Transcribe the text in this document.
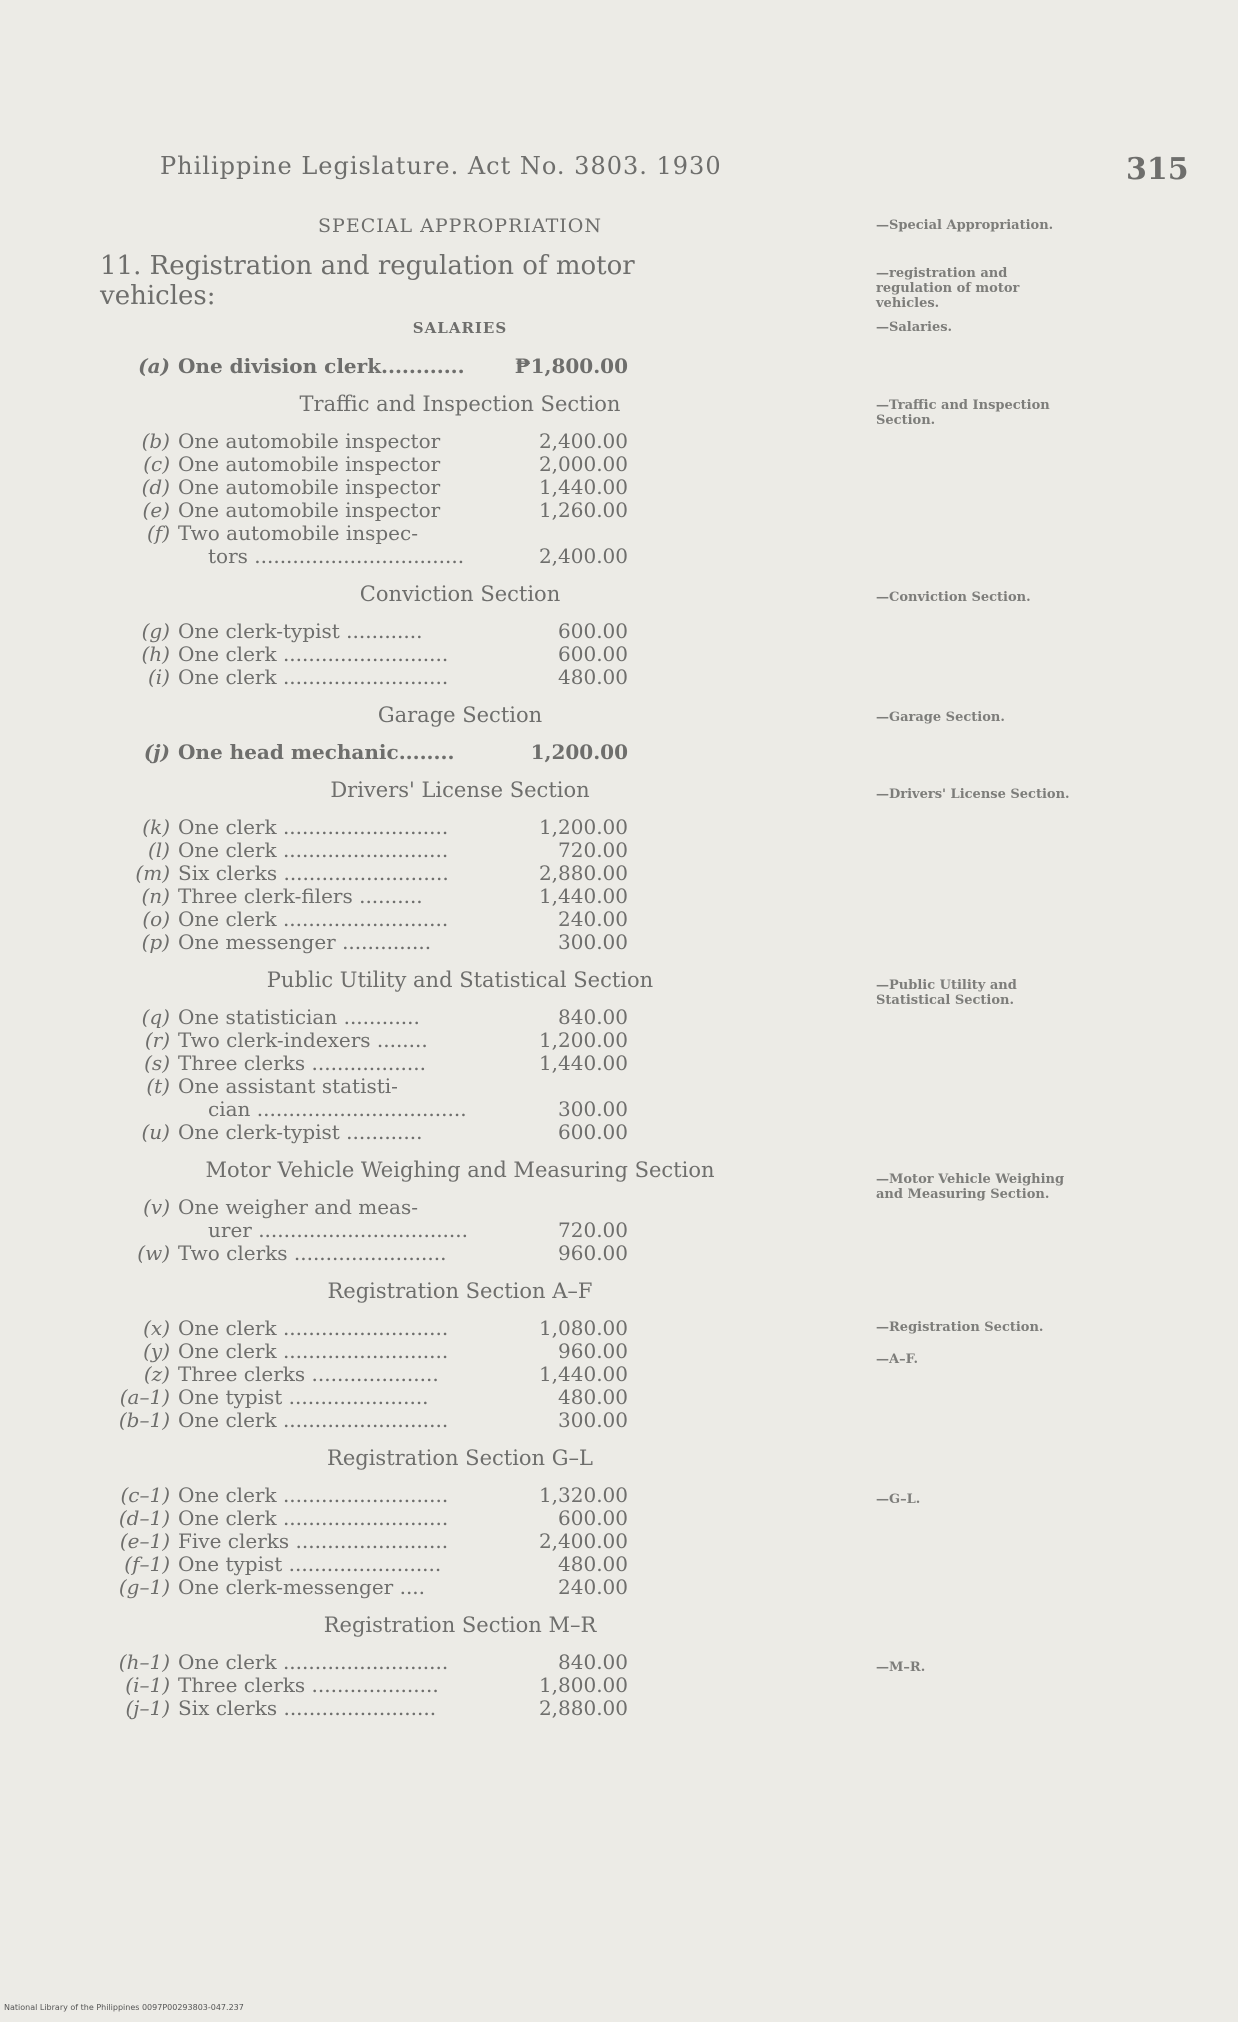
Philippine Legislature. Act No. 3803. 1930	315
SPECIAL APPROPRIATION
11. Registration and regulation of motor vehicles:
SALARIES
(a) One division clerk............	₱1,800.00
Traffic and Inspection Section
(b) One automobile inspector	2,400.00
(c) One automobile inspector	2,000.00
(d) One automobile inspector	1,440.00
(e) One automobile inspector	1,260.00
(f) Two automobile inspec-
tors .................................	2,400.00
Conviction Section
(g) One clerk-typist ............	600.00
(h) One clerk ..........................	600.00
(i) One clerk ..........................	480.00
Garage Section
(j) One head mechanic........	1,200.00
Drivers' License Section
(k) One clerk ..........................	1,200.00
(l) One clerk ..........................	720.00
(m) Six clerks ..........................	2,880.00
(n) Three clerk-filers ..........	1,440.00
(o) One clerk ..........................	240.00
(p) One messenger ..............	300.00
Public Utility and Statistical Section
(q) One statistician ............	840.00
(r) Two clerk-indexers ........	1,200.00
(s) Three clerks ..................	1,440.00
(t) One assistant statisti-
cian .................................	300.00
(u) One clerk-typist ............	600.00
Motor Vehicle Weighing and Measuring Section
(v) One weigher and meas-
urer .................................	720.00
(w) Two clerks ........................	960.00
Registration Section A–F
(x) One clerk ..........................	1,080.00
(y) One clerk ..........................	960.00
(z) Three clerks ....................	1,440.00
(a–1) One typist ......................	480.00
(b–1) One clerk ..........................	300.00
Registration Section G–L
(c–1) One clerk ..........................	1,320.00
(d–1) One clerk ..........................	600.00
(e–1) Five clerks ........................	2,400.00
(f–1) One typist ........................	480.00
(g–1) One clerk-messenger ....	240.00
Registration Section M–R
(h–1) One clerk ..........................	840.00
(i–1) Three clerks ....................	1,800.00
(j–1) Six clerks ........................	2,880.00
—Special Appropriation.
—registration and regulation of motor vehicles.
—Salaries.
—Traffic and Inspection Section.
—Conviction Section.
—Garage Section.
—Drivers' License Section.
—Public Utility and Statistical Section.
—Motor Vehicle Weighing and Measuring Section.
—Registration Section.
—A–F.
—G–L.
—M–R.
National Library of the Philippines 0097P00293803-047.237
